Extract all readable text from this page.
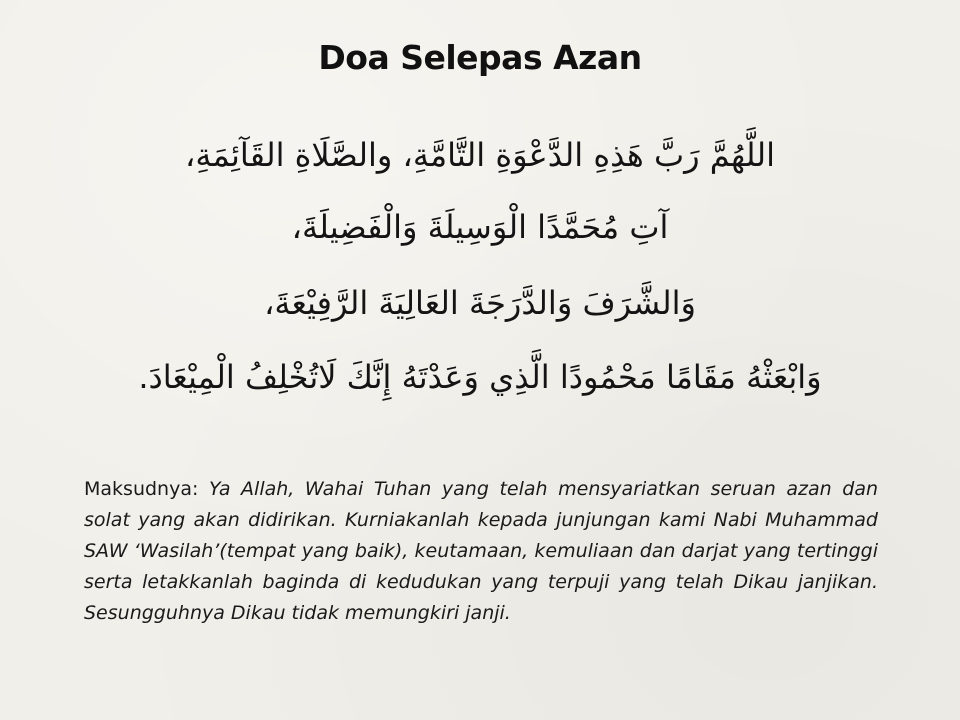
Doa Selepas Azan
اللَّهُمَّ رَبَّ هَذِهِ الدَّعْوَةِ التَّامَّةِ، والصَّلَاةِ القَآئِمَةِ،
آتِ مُحَمَّدًا الْوَسِيلَةَ وَالْفَضِيلَةَ،
وَالشَّرَفَ وَالدَّرَجَةَ العَالِيَةَ الرَّفِيْعَةَ،
وَابْعَثْهُ مَقَامًا مَحْمُودًا الَّذِي وَعَدْتَهُ إِنَّكَ لَاتُخْلِفُ الْمِيْعَادَ.
Maksudnya: Ya Allah, Wahai Tuhan yang telah mensyariatkan seruan azan dan solat yang akan didirikan. Kurniakanlah kepada junjungan kami Nabi Muhammad SAW ‘Wasilah’(tempat yang baik), keutamaan, kemuliaan dan darjat yang tertinggi serta letakkanlah baginda di kedudukan yang terpuji yang telah Dikau janjikan. Sesungguhnya Dikau tidak memungkiri janji.
